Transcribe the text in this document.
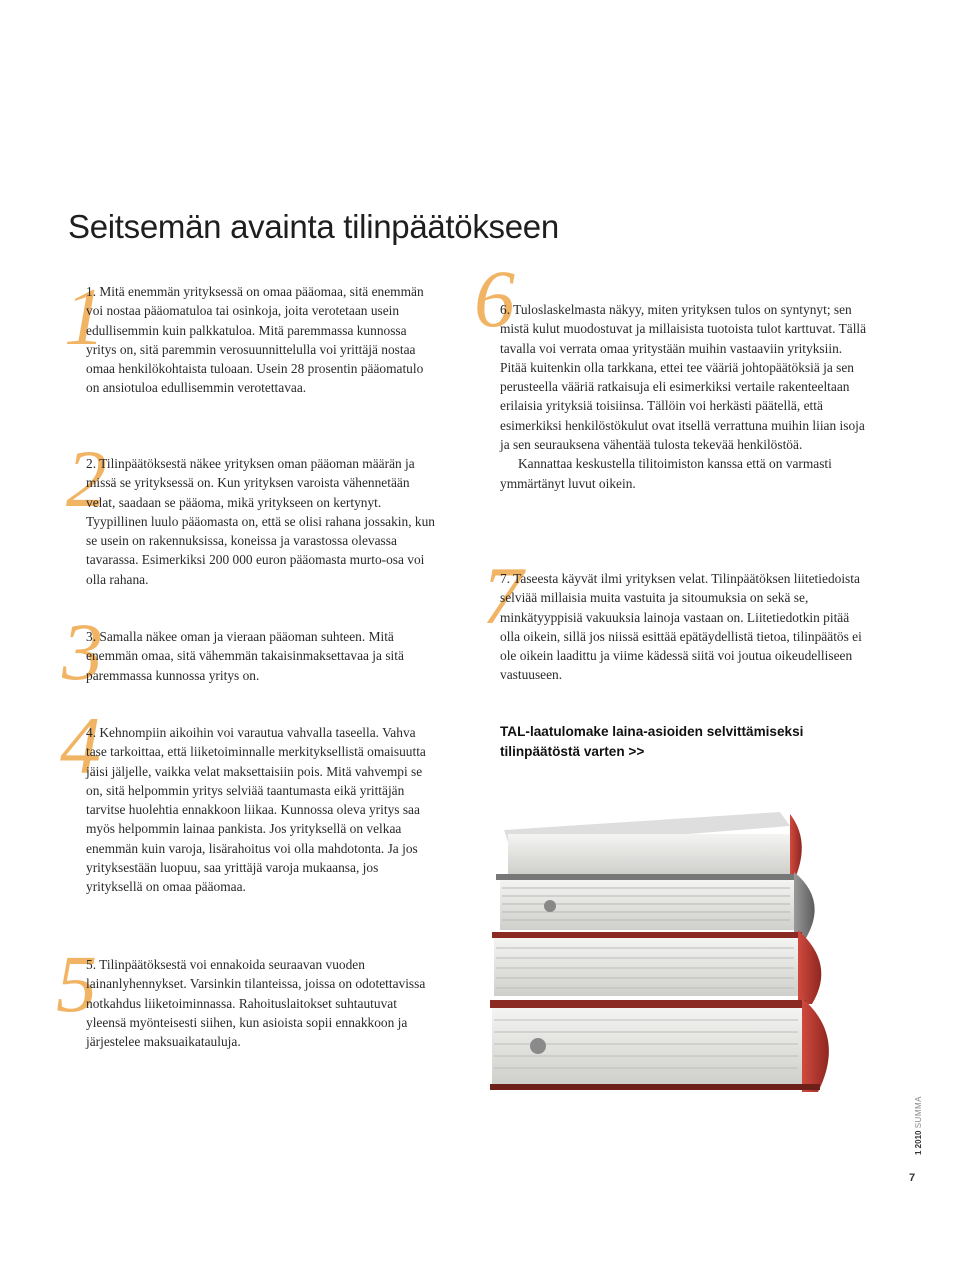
Seitsemän avainta tilinpäätökseen
1

1. Mitä enemmän yrityksessä on omaa pääomaa, sitä enemmän voi nostaa pääomatuloa tai osinkoja, joita verotetaan usein edullisemmin kuin palkkatuloa. Mitä paremmassa kunnossa yritys on, sitä paremmin verosuunnittelulla voi yrittäjä nostaa omaa henkilökohtaista tuloaan. Usein 28 prosentin pääomatulo on ansiotuloa edullisemmin verotettavaa.

2

2. Tilinpäätöksestä näkee yrityksen oman pääoman määrän ja missä se yrityksessä on. Kun yrityksen varoista vähennetään velat, saadaan se pääoma, mikä yritykseen on kertynyt. Tyypillinen luulo pääomasta on, että se olisi rahana jossakin, kun se usein on rakennuksissa, koneissa ja varastossa olevassa tavarassa. Esimerkiksi 200 000 euron pääomasta murto-osa voi olla rahana.

3

3. Samalla näkee oman ja vieraan pääoman suhteen. Mitä enemmän omaa, sitä vähemmän takaisinmaksettavaa ja sitä paremmassa kunnossa yritys on.

4

4. Kehnompiin aikoihin voi varautua vahvalla taseella. Vahva tase tarkoittaa, että liiketoiminnalle merkityksellistä omaisuutta jäisi jäljelle, vaikka velat maksettaisiin pois. Mitä vahvempi se on, sitä helpommin yritys selviää taantumasta eikä yrittäjän tarvitse huolehtia ennakkoon liikaa. Kunnossa oleva yritys saa myös helpommin lainaa pankista. Jos yrityksellä on velkaa enemmän kuin varoja, lisärahoitus voi olla mahdotonta. Ja jos yrityksestään luopuu, saa yrittäjä varoja mukaansa, jos yrityksellä on omaa pääomaa.

5

5. Tilinpäätöksestä voi ennakoida seuraavan vuoden lainanlyhennykset. Varsinkin tilanteissa, joissa on odotettavissa notkahdus liiketoiminnassa. Rahoituslaitokset suhtautuvat yleensä myönteisesti siihen, kun asioista sopii ennakkoon ja järjestelee maksuaikatauluja.

6

6. Tuloslaskelmasta näkyy, miten yrityksen tulos on syntynyt; sen mistä kulut muodostuvat ja millaisista tuotoista tulot karttuvat. Tällä tavalla voi verrata omaa yritystään muihin vastaaviin yrityksiin. Pitää kuitenkin olla tarkkana, ettei tee vääriä johtopäätöksiä ja sen perusteella vääriä ratkaisuja eli esimerkiksi vertaile rakenteeltaan erilaisia yrityksiä toisiinsa. Tällöin voi herkästi päätellä, että esimerkiksi henkilöstökulut ovat itsellä verrattuna muihin liian isoja ja sen seurauksena vähentää tulosta tekevää henkilöstöä.

Kannattaa keskustella tilitoimiston kanssa että on varmasti ymmärtänyt luvut oikein.

7

7. Taseesta käyvät ilmi yrityksen velat. Tilinpäätöksen liitetiedoista selviää millaisia muita vastuita ja sitoumuksia on sekä se, minkätyyppisiä vakuuksia lainoja vastaan on. Liitetiedotkin pitää olla oikein, sillä jos niissä esittää epätäydellistä tietoa, tilinpäätös ei ole oikein laadittu ja viime kädessä siitä voi joutua oikeudelliseen vastuuseen.

TAL-laatulomake laina-asioiden selvittämiseksi tilinpäätöstä varten >>
1 2010 SUMMA
7
